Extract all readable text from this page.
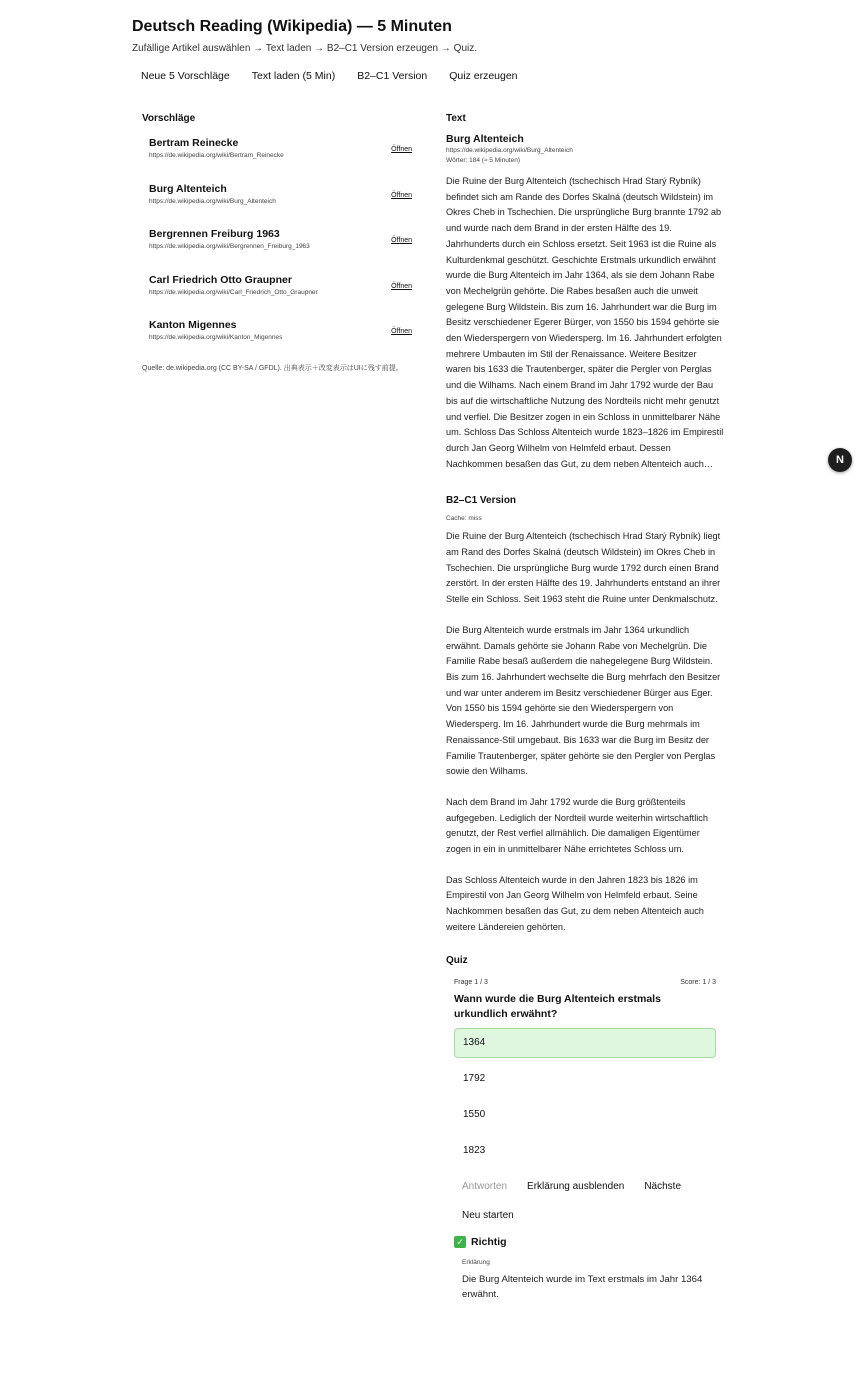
Deutsch Reading (Wikipedia) — 5 Minuten
Zufällige Artikel auswählen → Text laden → B2–C1 Version erzeugen → Quiz.
Neue 5 Vorschläge	Text laden (5 Min)	B2–C1 Version	Quiz erzeugen
Vorschläge
Bertram Reinecke
https://de.wikipedia.org/wiki/Bertram_Reinecke
Öffnen
Burg Altenteich
https://de.wikipedia.org/wiki/Burg_Altenteich
Öffnen
Bergrennen Freiburg 1963
https://de.wikipedia.org/wiki/Bergrennen_Freiburg_1963
Öffnen
Carl Friedrich Otto Graupner
https://de.wikipedia.org/wiki/Carl_Friedrich_Otto_Graupner
Öffnen
Kanton Migennes
https://de.wikipedia.org/wiki/Kanton_Migennes
Öffnen
Quelle: de.wikipedia.org (CC BY-SA / GFDL). 出典表示＋改変表示はUIに残す前提。
Text
Burg Altenteich
https://de.wikipedia.org/wiki/Burg_Altenteich
Wörter: 184 (≈ 5 Minuten)

Die Ruine der Burg Altenteich (tschechisch Hrad Starý Rybník) befindet sich am Rande des Dorfes Skalná (deutsch Wildstein) im Okres Cheb in Tschechien. Die ursprüngliche Burg brannte 1792 ab und wurde nach dem Brand in der ersten Hälfte des 19. Jahrhunderts durch ein Schloss ersetzt. Seit 1963 ist die Ruine als Kulturdenkmal geschützt. Geschichte Erstmals urkundlich erwähnt wurde die Burg Altenteich im Jahr 1364, als sie dem Johann Rabe von Mechelgrün gehörte. Die Rabes besaßen auch die unweit gelegene Burg Wildstein. Bis zum 16. Jahrhundert war die Burg im Besitz verschiedener Egerer Bürger, von 1550 bis 1594 gehörte sie den Wiederspergern von Wiedersperg. Im 16. Jahrhundert erfolgten mehrere Umbauten im Stil der Renaissance. Weitere Besitzer waren bis 1633 die Trautenberger, später die Pergler von Perglas und die Wilhams. Nach einem Brand im Jahr 1792 wurde der Bau bis auf die wirtschaftliche Nutzung des Nordteils nicht mehr genutzt und verfiel. Die Besitzer zogen in ein Schloss in unmittelbarer Nähe um. Schloss Das Schloss Altenteich wurde 1823–1826 im Empirestil durch Jan Georg Wilhelm von Helmfeld erbaut. Dessen Nachkommen besaßen das Gut, zu dem neben Altenteich auch…

B2–C1 Version
Cache: miss

Die Ruine der Burg Altenteich (tschechisch Hrad Starý Rybník) liegt am Rand des Dorfes Skalná (deutsch Wildstein) im Okres Cheb in Tschechien. Die ursprüngliche Burg wurde 1792 durch einen Brand zerstört. In der ersten Hälfte des 19. Jahrhunderts entstand an ihrer Stelle ein Schloss. Seit 1963 steht die Ruine unter Denkmalschutz.

Die Burg Altenteich wurde erstmals im Jahr 1364 urkundlich erwähnt. Damals gehörte sie Johann Rabe von Mechelgrün. Die Familie Rabe besaß außerdem die nahegelegene Burg Wildstein. Bis zum 16. Jahrhundert wechselte die Burg mehrfach den Besitzer und war unter anderem im Besitz verschiedener Bürger aus Eger. Von 1550 bis 1594 gehörte sie den Wiederspergern von Wiedersperg. Im 16. Jahrhundert wurde die Burg mehrmals im Renaissance-Stil umgebaut. Bis 1633 war die Burg im Besitz der Familie Trautenberger, später gehörte sie den Pergler von Perglas sowie den Wilhams.

Nach dem Brand im Jahr 1792 wurde die Burg größtenteils aufgegeben. Lediglich der Nordteil wurde weiterhin wirtschaftlich genutzt, der Rest verfiel allmählich. Die damaligen Eigentümer zogen in ein in unmittelbarer Nähe errichtetes Schloss um.

Das Schloss Altenteich wurde in den Jahren 1823 bis 1826 im Empirestil von Jan Georg Wilhelm von Helmfeld erbaut. Seine Nachkommen besaßen das Gut, zu dem neben Altenteich auch weitere Ländereien gehörten.

Quiz
Frage 1 / 3	Score: 1 / 3
Wann wurde die Burg Altenteich erstmals urkundlich erwähnt?
1364
1792
1550
1823
Antworten	Erklärung ausblenden	Nächste
Neu starten
✓ Richtig
Erklärung
Die Burg Altenteich wurde im Text erstmals im Jahr 1364 erwähnt.
N
